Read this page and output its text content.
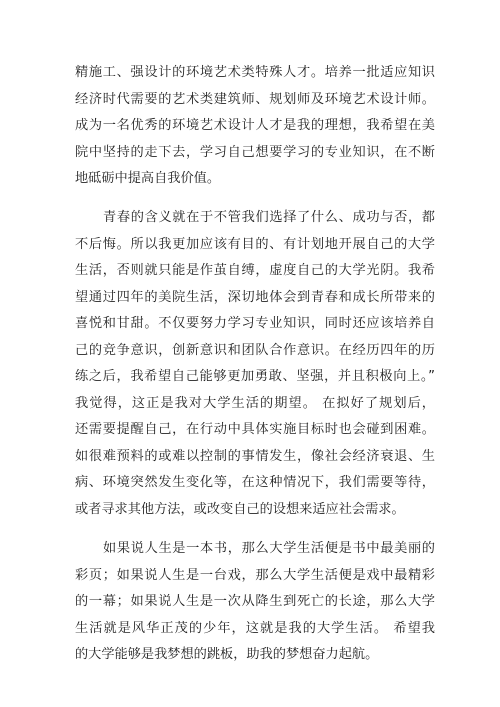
精施工、强设计的环境艺术类特殊人才。培养一批适应知识
经济时代需要的艺术类建筑师、规划师及环境艺术设计师。
成为一名优秀的环境艺术设计人才是我的理想，我希望在美
院中坚持的走下去，学习自己想要学习的专业知识，在不断
地砥砺中提高自我价值。
青春的含义就在于不管我们选择了什么、成功与否，都
不后悔。所以我更加应该有目的、有计划地开展自己的大学
生活，否则就只能是作茧自缚，虚度自己的大学光阴。我希
望通过四年的美院生活，深切地体会到青春和成长所带来的
喜悦和甘甜。不仅要努力学习专业知识，同时还应该培养自
己的竞争意识，创新意识和团队合作意识。在经历四年的历
练之后，我希望自己能够更加勇敢、坚强，并且积极向上。”
我觉得，这正是我对大学生活的期望。 在拟好了规划后，
还需要提醒自己，在行动中具体实施目标时也会碰到困难。
如很难预料的或难以控制的事情发生，像社会经济衰退、生
病、环境突然发生变化等，在这种情况下，我们需要等待，
或者寻求其他方法，或改变自己的设想来适应社会需求。
如果说人生是一本书，那么大学生活便是书中最美丽的
彩页；如果说人生是一台戏，那么大学生活便是戏中最精彩
的一幕；如果说人生是一次从降生到死亡的长途，那么大学
生活就是风华正茂的少年，这就是我的大学生活。 希望我
的大学能够是我梦想的跳板，助我的梦想奋力起航。
